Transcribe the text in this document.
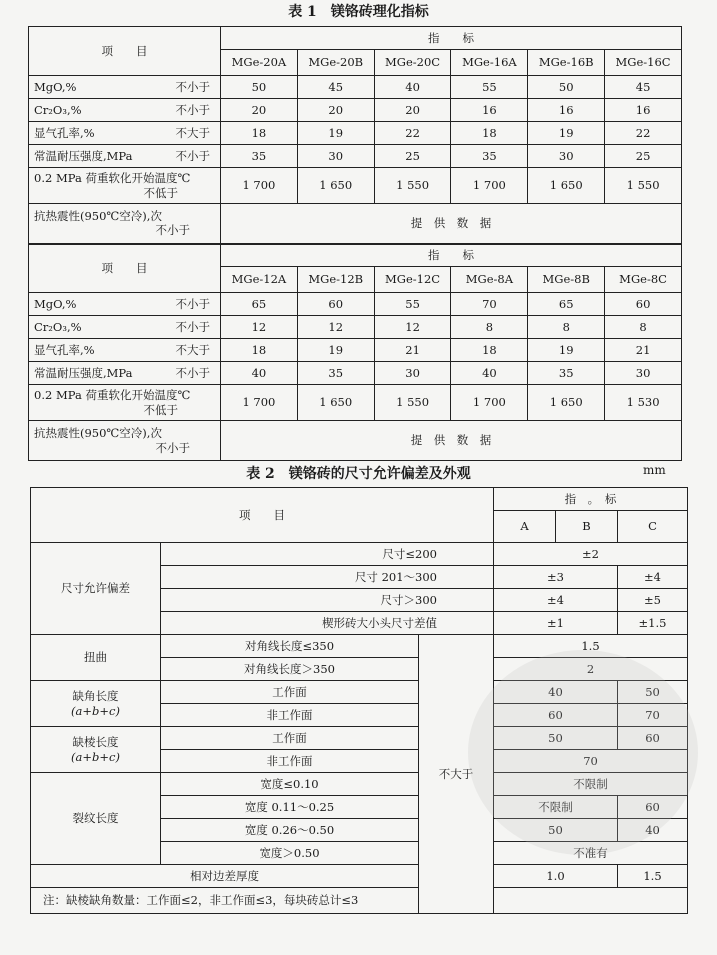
表 1　镁铬砖理化指标
项　　目	指　　标					
	MGe-20A	MGe-20B	MGe-20C	MGe-16A	MGe-16B	MGe-16C

MgO,% 不小于	50	45	40	55	50	45

Cr₂O₃,% 不小于	20	20	20	16	16	16

显气孔率,% 不大于	18	19	22	18	19	22

常温耐压强度,MPa 不小于	35	30	25	35	30	25

0.2 MPa 荷重软化开始温度℃
不低于	1 700	1 650	1 550	1 700	1 650	1 550

抗热震性(950℃空冷),次
不小于	提　供　数　据					
项　　目	指　　标					
	MGe-12A	MGe-12B	MGe-12C	MGe-8A	MGe-8B	MGe-8C

MgO,% 不小于	65	60	55	70	65	60

Cr₂O₃,% 不小于	12	12	12	8	8	8

显气孔率,% 不大于	18	19	21	18	19	21

常温耐压强度,MPa 不小于	40	35	30	40	35	30

0.2 MPa 荷重软化开始温度℃
不低于	1 700	1 650	1 550	1 700	1 650	1 530

抗热震性(950℃空冷),次
不小于	提　供　数　据					
表 2　镁铬砖的尺寸允许偏差及外观	mm
项　　目			指　。　标		
			A	B	C
尺寸允许偏差	尺寸≤200		±2		
	尺寸 201～300		±3		±4
	尺寸＞300		±4		±5
	楔形砖大小头尺寸差值		±1		±1.5
扭曲	对角线长度≤350	不大于	1.5		
	对角线长度＞350		2		

缺角长度
(a+b+c)	工作面		40		50
	非工作面		60		70

缺棱长度
(a+b+c)	工作面		50		60
	非工作面		70		
裂纹长度	宽度≤0.10		不限制		
	宽度 0.11～0.25		不限制		60
	宽度 0.26～0.50		50		40
	宽度＞0.50		不准有		
相对边差厚度			1.0		1.5
注：缺棱缺角数量：工作面≤2，非工作面≤3，每块砖总计≤3					
